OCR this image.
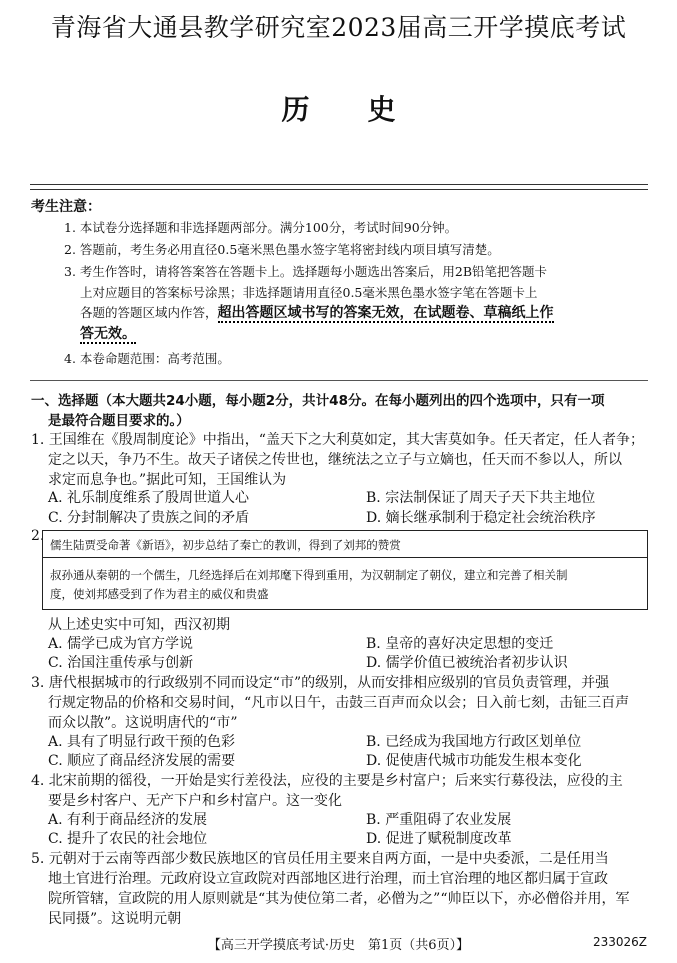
青海省大通县教学研究室2023届高三开学摸底考试
历史
考生注意：
1. 本试卷分选择题和非选择题两部分。满分100分，考试时间90分钟。
2. 答题前，考生务必用直径0.5毫米黑色墨水签字笔将密封线内项目填写清楚。
3. 考生作答时，请将答案答在答题卡上。选择题每小题选出答案后，用2B铅笔把答题卡
上对应题目的答案标号涂黑；非选择题请用直径0.5毫米黑色墨水签字笔在答题卡上
各题的答题区域内作答，超出答题区域书写的答案无效，在试题卷、草稿纸上作
答无效。
4. 本卷命题范围：高考范围。
一、选择题（本大题共24小题，每小题2分，共计48分。在每小题列出的四个选项中，只有一项
是最符合题目要求的。）
1. 王国维在《殷周制度论》中指出，“盖天下之大利莫如定，其大害莫如争。任天者定，任人者争；
定之以天，争乃不生。故天子诸侯之传世也，继统法之立子与立嫡也，任天而不参以人，所以
求定而息争也。”据此可知，王国维认为
A. 礼乐制度维系了殷周世道人心	B. 宗法制保证了周天子天下共主地位
C. 分封制解决了贵族之间的矛盾	D. 嫡长继承制利于稳定社会统治秩序
2.
儒生陆贾受命著《新语》，初步总结了秦亡的教训，得到了刘邦的赞赏
叔孙通从秦朝的一个儒生，几经选择后在刘邦麾下得到重用，为汉朝制定了朝仪，建立和完善了相关制
度，使刘邦感受到了作为君主的威仪和贵盛
从上述史实中可知，西汉初期
A. 儒学已成为官方学说	B. 皇帝的喜好决定思想的变迁
C. 治国注重传承与创新	D. 儒学价值已被统治者初步认识
3. 唐代根据城市的行政级别不同而设定“市”的级别，从而安排相应级别的官员负责管理，并强
行规定物品的价格和交易时间，“凡市以日午，击鼓三百声而众以会；日入前七刻，击钲三百声
而众以散”。这说明唐代的“市”
A. 具有了明显行政干预的色彩	B. 已经成为我国地方行政区划单位
C. 顺应了商品经济发展的需要	D. 促使唐代城市功能发生根本变化
4. 北宋前期的徭役，一开始是实行差役法，应役的主要是乡村富户；后来实行募役法，应役的主
要是乡村客户、无产下户和乡村富户。这一变化
A. 有利于商品经济的发展	B. 严重阻碍了农业发展
C. 提升了农民的社会地位	D. 促进了赋税制度改革
5. 元朝对于云南等西部少数民族地区的官员任用主要来自两方面，一是中央委派，二是任用当
地土官进行治理。元政府设立宣政院对西部地区进行治理，而土官治理的地区都归属于宣政
院所管辖，宣政院的用人原则就是“其为使位第二者，必僧为之”“帅臣以下，亦必僧俗并用，军
民同摄”。这说明元朝
【高三开学摸底考试·历史　第1页（共6页）】	233026Z
